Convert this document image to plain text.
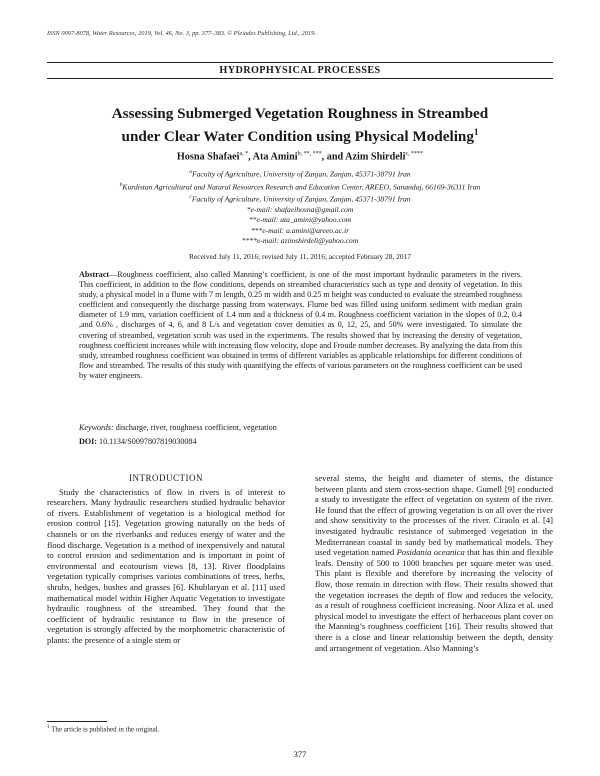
ISSN 0097-8078, Water Resources, 2019, Vol. 46, No. 3, pp. 377–383. © Pleiades Publishing, Ltd., 2019.
HYDROPHYSICAL PROCESSES
Assessing Submerged Vegetation Roughness in Streambed
under Clear Water Condition using Physical Modeling$^1$
Hosna Shafaei$^{a, *}$, Ata Amini$^{b, **, ***}$, and Azim Shirdeli$^{c, ****}$
$^a$Faculty of Agriculture, University of Zanjan, Zanjan, 45371-38791 Iran
$^b$Kurdistan Agricultural and Natural Resources Research and Education Center, AREEO, Sanandaj, 66169-36311 Iran
$^c$Faculty of Agriculture, University of Zanjan, Zanjan, 45371-38791 Iran
*e-mail: shafaeihosna@gmail.com
**e-mail: ata_amini@yahoo.com
***e-mail: a.amini@areeo.ac.ir
****e-mail: azimshirdeli@yahoo.com
Received July 11, 2016; revised July 11, 2016; accepted February 28, 2017
Abstract—Roughness coefficient, also called Manning’s coefficient, is one of the most important hydraulic parameters in the rivers. This coefficient, in addition to the flow conditions, depends on streambed characteristics such as type and density of vegetation. In this study, a physical model in a flume with 7 m length, 0.25 m width and 0.25 m height was conducted to evaluate the streambed roughness coefficient and consequently the discharge passing from waterways. Flume bed was filled using uniform sediment with median grain diameter of 1.9 mm, variation coefficient of 1.4 mm and a thickness of 0.4 m. Roughness coefficient variation in the slopes of 0.2, 0.4 ,and 0.6% , discharges of 4, 6, and 8 L/s and vegetation cover densities as 0, 12, 25, and 50% were investigated. To simulate the covering of streambed, vegetation scrub was used in the experiments. The results showed that by increasing the density of vegetation, roughness coefficient increases while with increasing flow velocity, slope and Froude number decreases. By analyzing the data from this study, streambed roughness coefficient was obtained in terms of different variables as applicable relationships for different conditions of flow and streambed. The results of this study with quantifying the effects of various parameters on the roughness coefficient can be used by water engineers.
Keywords: discharge, river, roughness coefficient, vegetation
DOI: 10.1134/S0097807819030084
INTRODUCTION

Study the characteristics of flow in rivers is of interest to researchers. Many hydraulic researchers studied hydraulic behavior of rivers. Establishment of vegetation is a biological method for erosion control [15]. Vegetation growing naturally on the beds of channels or on the riverbanks and reduces energy of water and the flood discharge. Vegetation is a method of inexpensively and natural to control erosion and sedimentation and is important in point of environmental and ecotourism views [8, 13]. River floodplains vegetation typically comprises various combinations of trees, herbs, shrubs, hedges, bushes and grasses [6]. Khublaryan et al. [11] used mathematical model within Higher Aquatic Vegetation to investigate hydraulic roughness of the streambed. They found that the coefficient of hydraulic resistance to flow in the presence of vegetation is strongly affected by the morphometric characteristic of plants: the presence of a single stem or

several stems, the height and diameter of stems, the distance between plants and stem cross-section shape. Gumell [9] conducted a study to investigate the effect of vegetation on system of the river. He found that the effect of growing vegetation is on all over the river and show sensitivity to the processes of the river. Ciraolo et al. [4] investigated hydraulic resistance of submerged vegetation in the Mediterranean coastal in sandy bed by mathematical models. They used vegetation named Posidania oceanica that has thin and flexible leafs. Density of 500 to 1000 branches per square meter was used. This plant is flexible and therefore by increasing the velocity of flow, those remain in direction with flow. Their results showed that the vegetation increases the depth of flow and reduces the velocity, as a result of roughness coefficient increasing. Noor Aliza et al. used physical model to investigate the effect of herbaceous plant cover on the Manning’s roughness coefficient [16]. Their results showed that there is a close and linear relationship between the depth, density and arrangement of vegetation. Also Manning’s

$^1$ The article is published in the original.
377
